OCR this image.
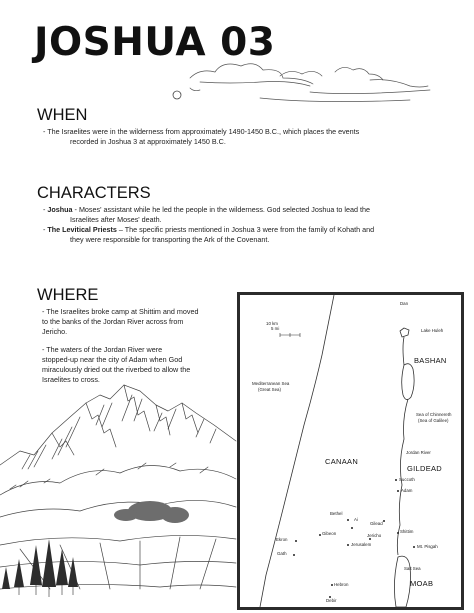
JOSHUA 03
WHEN
- The Israelites were in the wilderness from approximately 1490-1450 B.C., which places the events
recorded in Joshua 3 at approximately 1450 B.C.
CHARACTERS
- Joshua - Moses' assistant while he led the people in the wilderness. God selected Joshua to lead the
Israelites after Moses' death.
- The Levitical Priests – The specific priests mentioned in Joshua 3 were from the family of Kohath and
they were responsible for transporting the Ark of the Covenant.
WHERE
- The Israelites broke camp at Shittim and moved
to the banks of the Jordan River across from
Jericho.
- The waters of the Jordan River were
stopped-up near the city of Adam when God
miraculously dried out the riverbed to allow the
Israelites to cross.
Dan
Lake Huleh
10 km
5 mi
BASHAN
Mediterranean Sea
(Great Sea)
Sea of Chinnereth
(Sea of Galilee)
Jordan River
CANAAN
GILDEAD
Succoth
Adam
Bethel
Ai
Gilead
Shittim
Gibeon	Jericho
Ekron
Jerusalem	Mt. Pisgah
Gath
Salt Sea
Hebron	MOAB
Debir
